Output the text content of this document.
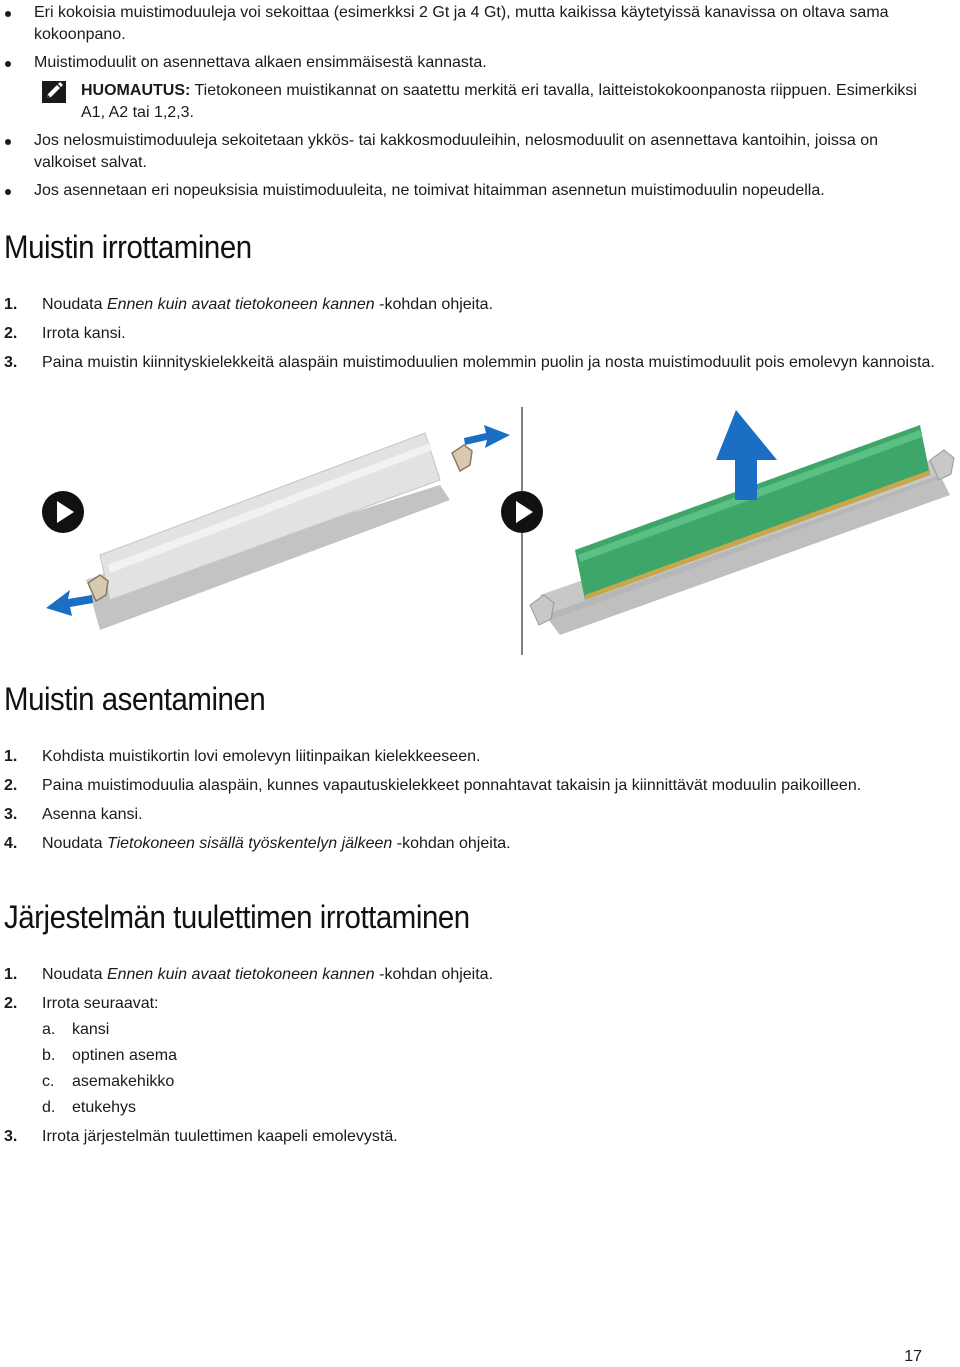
Eri kokoisia muistimoduuleja voi sekoittaa (esimerkksi 2 Gt ja 4 Gt), mutta kaikissa käytetyissä kanavissa on oltava sama kokoonpano.
Muistimoduulit on asennettava alkaen ensimmäisestä kannasta.
HUOMAUTUS: Tietokoneen muistikannat on saatettu merkitä eri tavalla, laitteistokokoonpanosta riippuen. Esimerkiksi A1, A2 tai 1,2,3.
Jos nelosmuistimoduuleja sekoitetaan ykkös- tai kakkosmoduuleihin, nelosmoduulit on asennettava kantoihin, joissa on valkoiset salvat.
Jos asennetaan eri nopeuksisia muistimoduuleita, ne toimivat hitaimman asennetun muistimoduulin nopeudella.
Muistin irrottaminen
1. Noudata Ennen kuin avaat tietokoneen kannen -kohdan ohjeita.
2. Irrota kansi.
3. Paina muistin kiinnityskielekkeitä alaspäin muistimoduulien molemmin puolin ja nosta muistimoduulit pois emolevyn kannoista.
Muistin asentaminen
1. Kohdista muistikortin lovi emolevyn liitinpaikan kielekkeeseen.
2. Paina muistimoduulia alaspäin, kunnes vapautuskielekkeet ponnahtavat takaisin ja kiinnittävät moduulin paikoilleen.
3. Asenna kansi.
4. Noudata Tietokoneen sisällä työskentelyn jälkeen -kohdan ohjeita.
Järjestelmän tuulettimen irrottaminen
1. Noudata Ennen kuin avaat tietokoneen kannen -kohdan ohjeita.
2. Irrota seuraavat:
a. kansi
b. optinen asema
c. asemakehikko
d. etukehys
3. Irrota järjestelmän tuulettimen kaapeli emolevystä.
17
